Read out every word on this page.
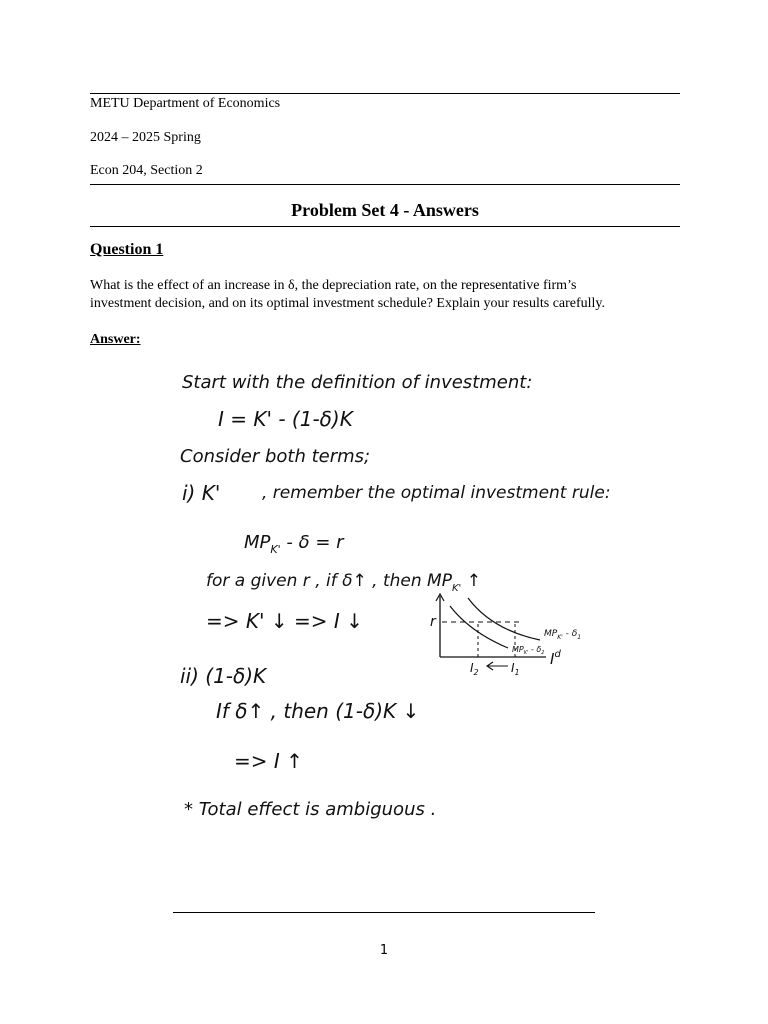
METU Department of Economics
2024 – 2025 Spring
Econ 204, Section 2
Problem Set 4 - Answers
Question 1
What is the effect of an increase in δ, the depreciation rate, on the representative firm’s
investment decision, and on its optimal investment schedule? Explain your results carefully.
Answer:
Start with the definition of investment:
I = K' - (1-δ)K
Consider both terms;
i) K' , remember the optimal investment rule:
$MP_{K'} - \delta = r$
for a given r , if δ↑ , then $MP_{K'}$ ↑
=> K' ↓ => I ↓
ii) (1-δ)K
If δ↑ , then (1-δ)K ↓
=> I ↑
* Total effect is ambiguous .
r
$I^d$
$I_2$	$I_1$
$MP_{K'} - \delta_1$
$MP_{K'} - \delta_2$
1
